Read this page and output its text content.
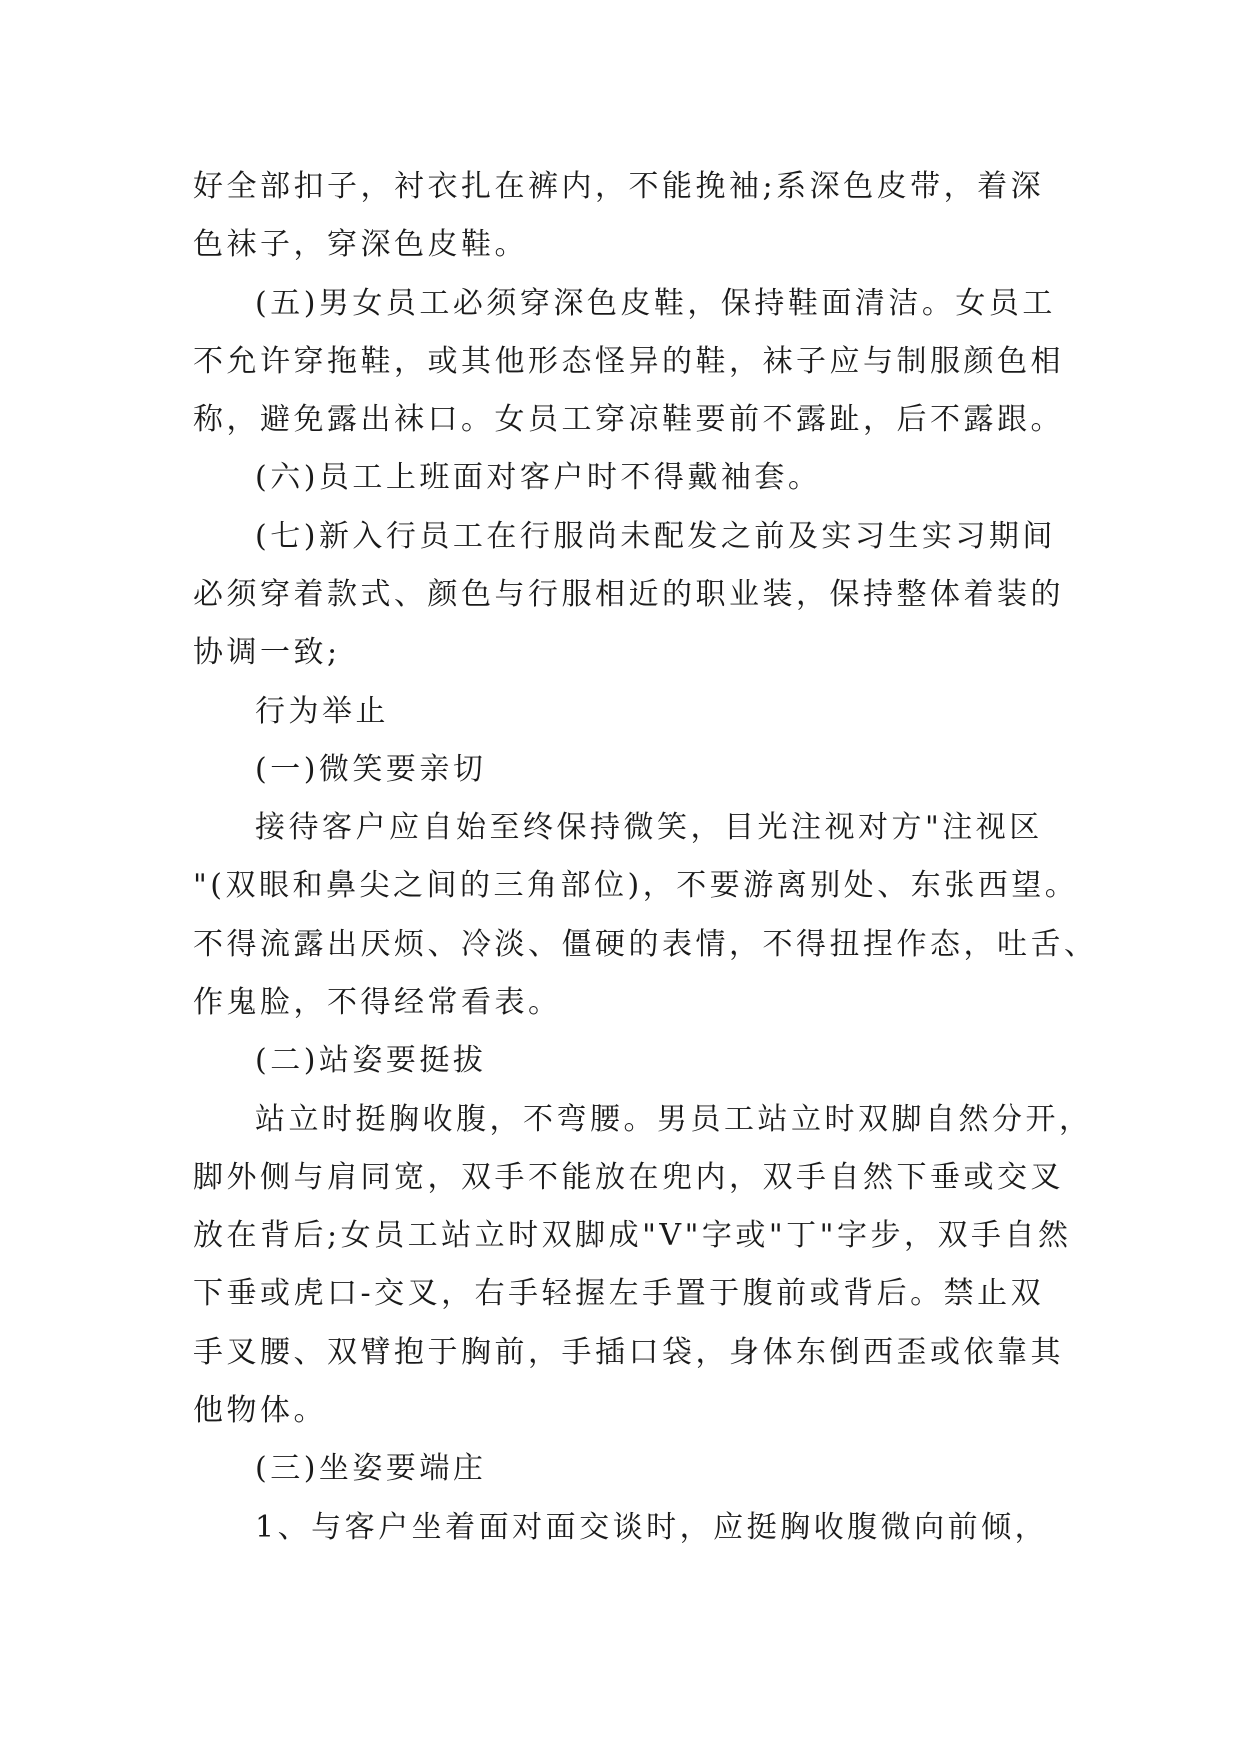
好全部扣子，衬衣扎在裤内，不能挽袖;系深色皮带，着深
色袜子，穿深色皮鞋。
(五)男女员工必须穿深色皮鞋，保持鞋面清洁。女员工
不允许穿拖鞋，或其他形态怪异的鞋，袜子应与制服颜色相
称，避免露出袜口。女员工穿凉鞋要前不露趾，后不露跟。
(六)员工上班面对客户时不得戴袖套。
(七)新入行员工在行服尚未配发之前及实习生实习期间
必须穿着款式、颜色与行服相近的职业装，保持整体着装的
协调一致;
行为举止
(一)微笑要亲切
接待客户应自始至终保持微笑，目光注视对方"注视区
"(双眼和鼻尖之间的三角部位)，不要游离别处、东张西望。
不得流露出厌烦、冷淡、僵硬的表情，不得扭捏作态，吐舌、
作鬼脸，不得经常看表。
(二)站姿要挺拔
站立时挺胸收腹，不弯腰。男员工站立时双脚自然分开，
脚外侧与肩同宽，双手不能放在兜内，双手自然下垂或交叉
放在背后;女员工站立时双脚成"V"字或"丁"字步，双手自然
下垂或虎口-交叉，右手轻握左手置于腹前或背后。禁止双
手叉腰、双臂抱于胸前，手插口袋，身体东倒西歪或依靠其
他物体。
(三)坐姿要端庄
1、与客户坐着面对面交谈时，应挺胸收腹微向前倾，
